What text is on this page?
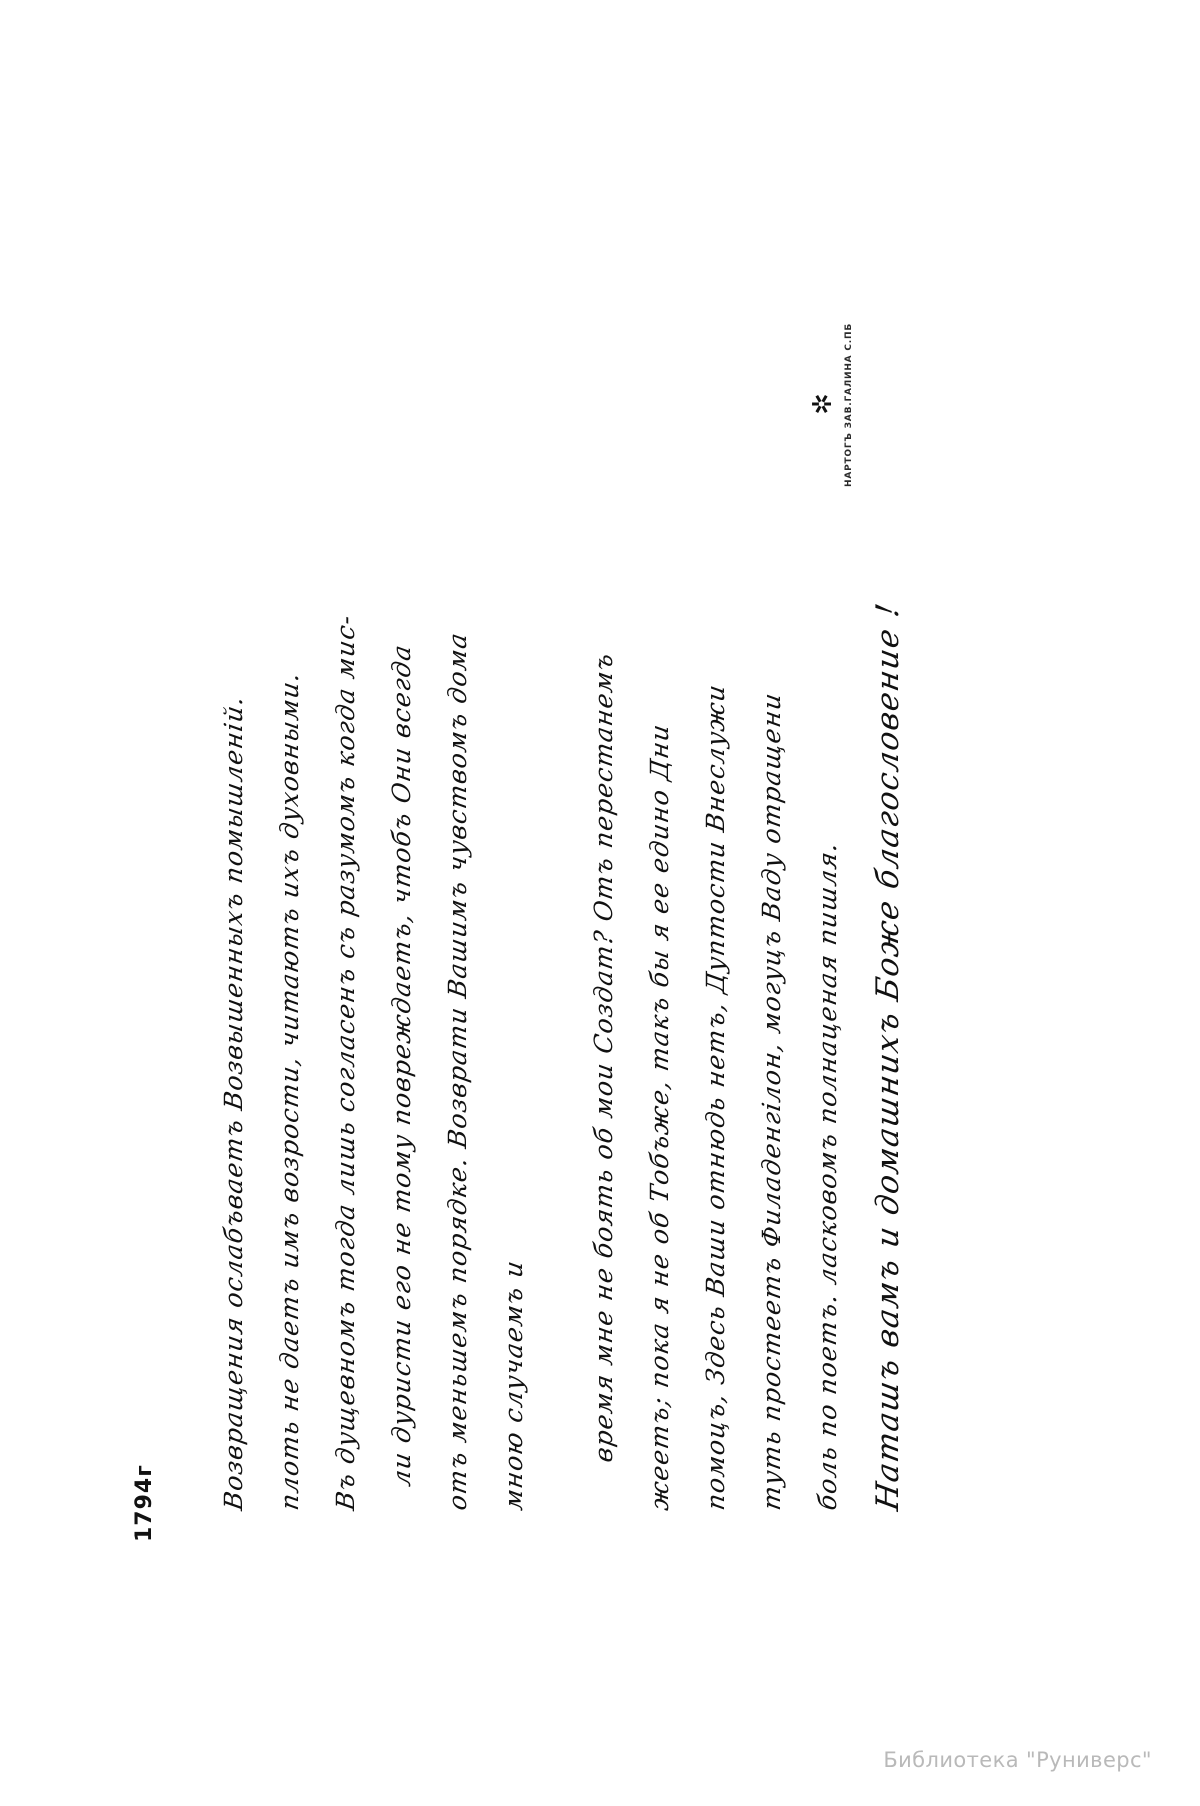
1794г	Возвращения ослабъваетъ Возвышенныхъ помышленій.	плоть не даетъ имъ возрости, читаютъ ихъ духовными.	Въ дущевномъ тогда лишь согласенъ съ разумомъ когда мис-	ли дуристи его не тому повреждаетъ, чтобъ Они всегда	отъ меньшемъ порядке. Возврати Вашимъ чувствомъ дома	мною случаемъ и	время мне не боять об мои Создат? Отъ перестанемъ	жеетъ; пока я не об Тобъже, такъ бы я ее едино Дни	помоцъ, Здесь Ваши отнюдь нетъ, Дуптости Внеслужи	туть простеетъ Филаденгілон, могуцъ Ваду отращени	боль по поетъ. ласковомъ полнаценая пишля. Наташъ вамъ и домашнихъ Боже благословение !
✲ НАРТОГЪ ЗАВ.ГАЛИНА С.ПБ
Библиотека "Руниверс"
